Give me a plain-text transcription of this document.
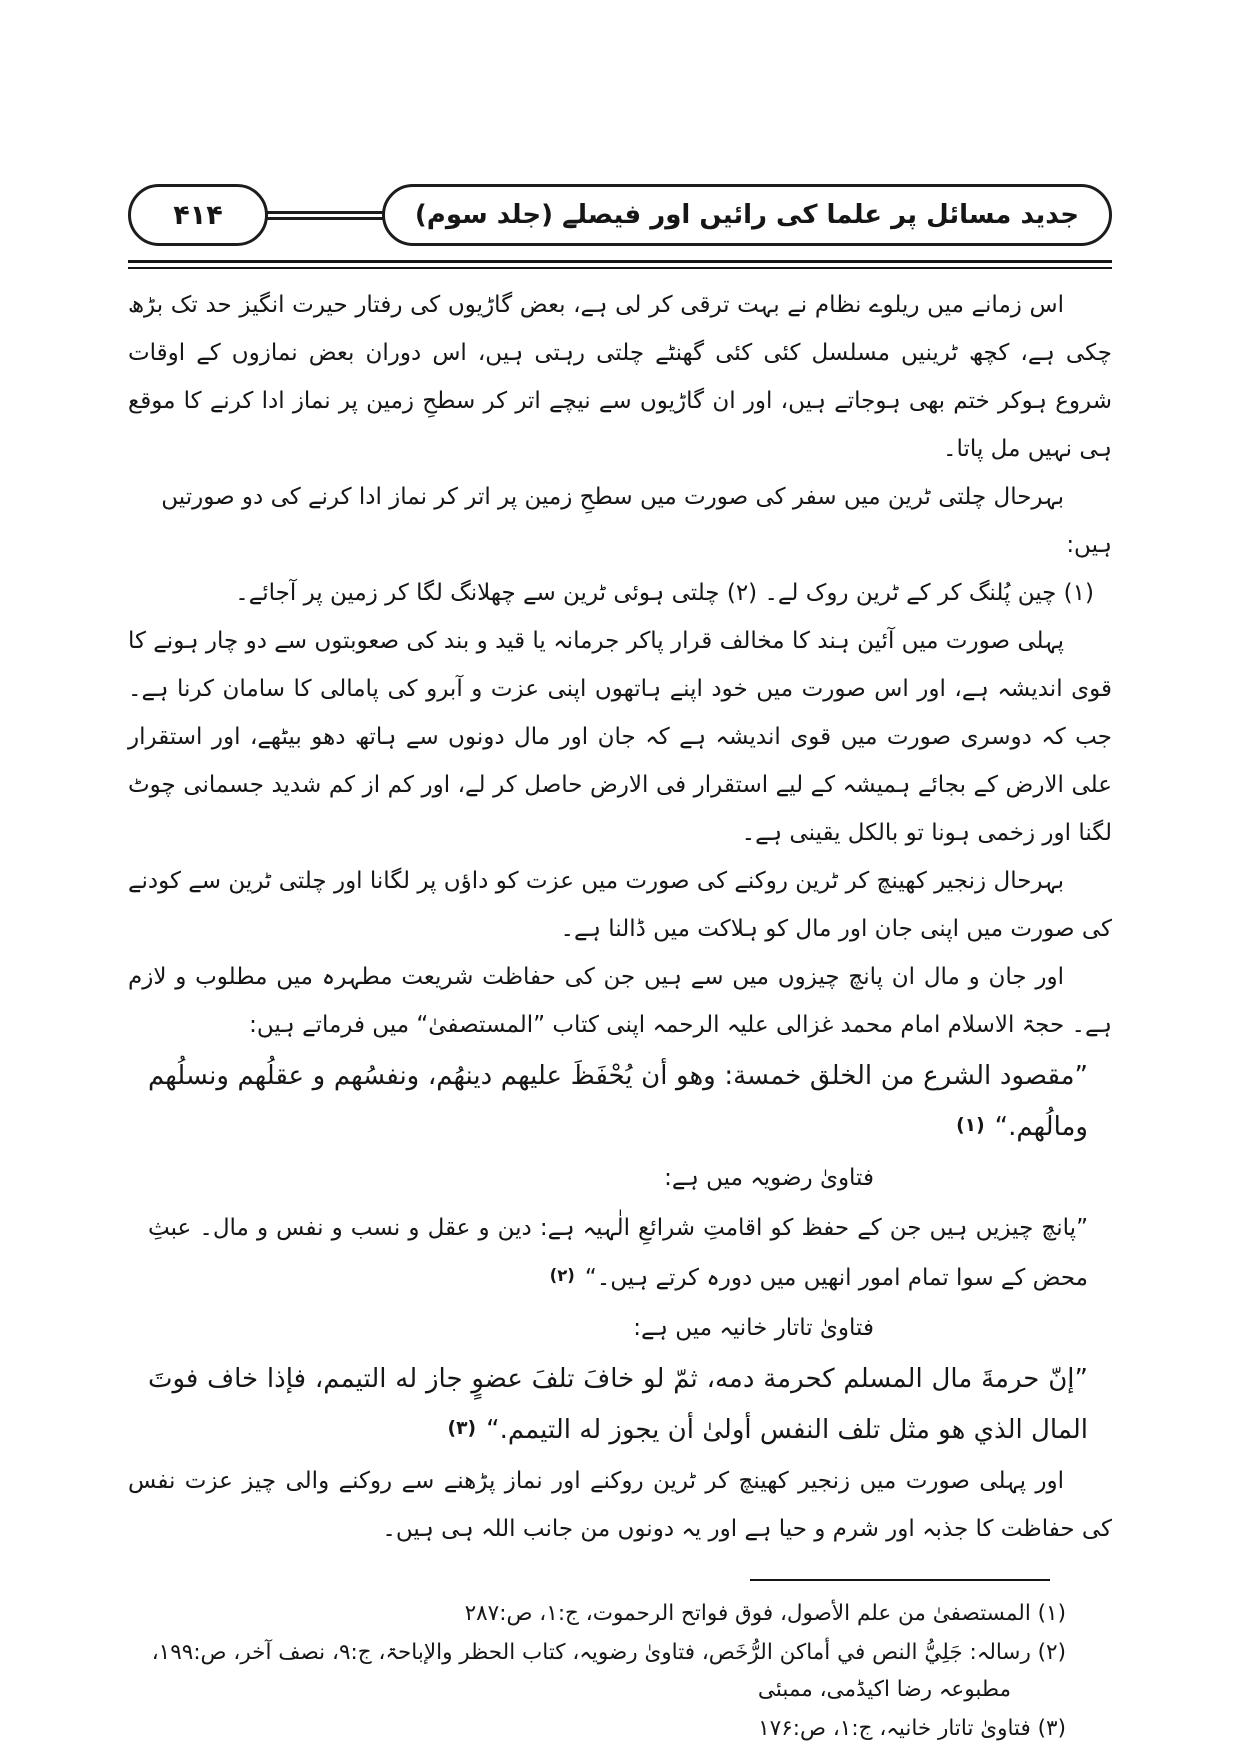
جدید مسائل پر علما کی رائیں اور فیصلے (جلد سوم)
۴۱۴

اس زمانے میں ریلوے نظام نے بہت ترقی کر لی ہے، بعض گاڑیوں کی رفتار حیرت انگیز حد تک بڑھ چکی ہے، کچھ ٹرینیں مسلسل کئی کئی گھنٹے چلتی رہتی ہیں، اس دوران بعض نمازوں کے اوقات شروع ہوکر ختم بھی ہوجاتے ہیں، اور ان گاڑیوں سے نیچے اتر کر سطحِ زمین پر نماز ادا کرنے کا موقع ہی نہیں مل پاتا۔

بہرحال چلتی ٹرین میں سفر کی صورت میں سطحِ زمین پر اتر کر نماز ادا کرنے کی دو صورتیں ہیں:

(۱) چین پُلنگ کر کے ٹرین روک لے۔ (۲) چلتی ہوئی ٹرین سے چھلانگ لگا کر زمین پر آجائے۔

پہلی صورت میں آئین ہند کا مخالف قرار پاکر جرمانہ یا قید و بند کی صعوبتوں سے دو چار ہونے کا قوی اندیشہ ہے، اور اس صورت میں خود اپنے ہاتھوں اپنی عزت و آبرو کی پامالی کا سامان کرنا ہے۔ جب کہ دوسری صورت میں قوی اندیشہ ہے کہ جان اور مال دونوں سے ہاتھ دھو بیٹھے، اور استقرار علی الارض کے بجائے ہمیشہ کے لیے استقرار فی الارض حاصل کر لے، اور کم از کم شدید جسمانی چوٹ لگنا اور زخمی ہونا تو بالکل یقینی ہے۔

بہرحال زنجیر کھینچ کر ٹرین روکنے کی صورت میں عزت کو داؤں پر لگانا اور چلتی ٹرین سے کودنے کی صورت میں اپنی جان اور مال کو ہلاکت میں ڈالنا ہے۔

اور جان و مال ان پانچ چیزوں میں سے ہیں جن کی حفاظت شریعت مطہرہ میں مطلوب و لازم ہے۔ حجۃ الاسلام امام محمد غزالی علیہ الرحمہ اپنی کتاب ”المستصفیٰ“ میں فرماتے ہیں:

”مقصود الشرع من الخلق خمسة: وهو أن يُحْفَظَ عليهم دينهُم، ونفسُهم و عقلُهم ونسلُهم ومالُهم.“(۱)

فتاویٰ رضویہ میں ہے:

”پانچ چیزیں ہیں جن کے حفظ کو اقامتِ شرائعِ الٰہیہ ہے: دین و عقل و نسب و نفس و مال۔ عبثِ محض کے سوا تمام امور انھیں میں دورہ کرتے ہیں۔“(۲)

فتاویٰ تاتار خانیہ میں ہے:

”إنّ حرمةَ مال المسلم كحرمة دمه، ثمّ لو خافَ تلفَ عضوٍ جاز له التيمم، فإذا خاف فوتَ المال الذي هو مثل تلف النفس أولىٰ أن يجوز له التيمم.“(۳)

اور پہلی صورت میں زنجیر کھینچ کر ٹرین روکنے اور نماز پڑھنے سے روکنے والی چیز عزت نفس کی حفاظت کا جذبہ اور شرم و حیا ہے اور یہ دونوں من جانب اللہ ہی ہیں۔

(۱) المستصفیٰ من علم الأصول، فوق فواتح الرحموت، ج:۱، ص:۲۸۷

(۲) رسالہ: جَلِيُّ النص في أماكن الرُّخَص، فتاویٰ رضویہ، کتاب الحظر والإباحۃ، ج:۹، نصف آخر، ص:۱۹۹، مطبوعہ رضا اکیڈمی، ممبئی

(۳) فتاویٰ تاتار خانیہ، ج:۱، ص:۱۷۶
